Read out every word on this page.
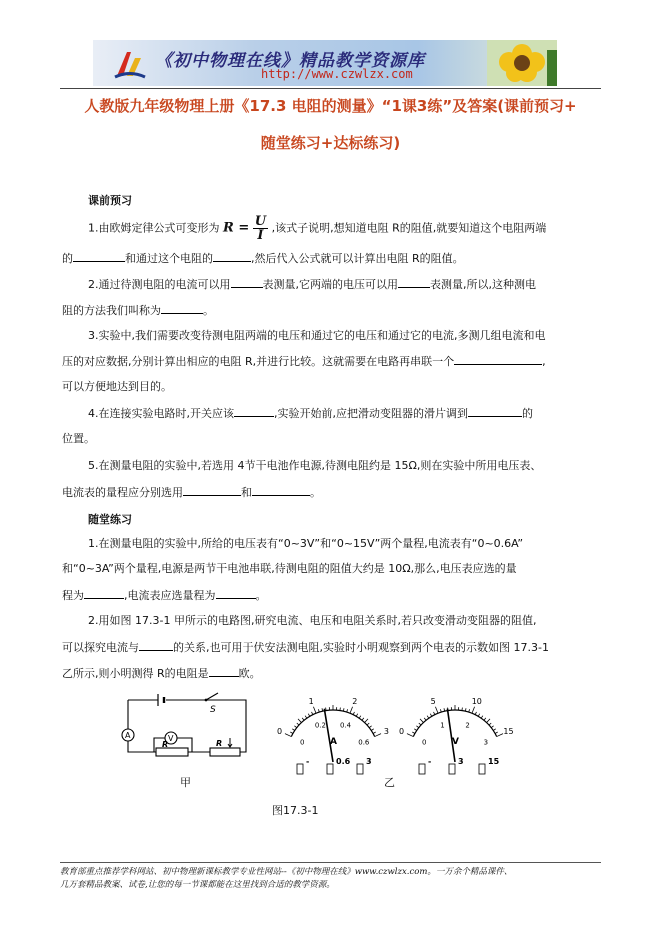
《初中物理在线》精品教学资源库
http://www.czwlzx.com
人教版九年级物理上册《17.3 电阻的测量》“1课3练”及答案(课前预习+
随堂练习+达标练习)
课前预习
1.由欧姆定律公式可变形为 $R = \frac{U}{I}$ ,该式子说明,想知道电阻 R的阻值,就要知道这个电阻两端
的	和通过这个电阻的	,然后代入公式就可以计算出电阻 R的阻值。
2.通过待测电阻的电流可以用	表测量,它两端的电压可以用	表测量,所以,这种测电
阻的方法我们叫称为	。
3.实验中,我们需要改变待测电阻两端的电压和通过它的电压和通过它的电流,多测几组电流和电
压的对应数据,分别计算出相应的电阻 R,并进行比较。这就需要在电路再串联一个	,
可以方便地达到目的。
4.在连接实验电路时,开关应该	,实验开始前,应把滑动变阻器的滑片调到	的
位置。
5.在测量电阻的实验中,若选用 4节干电池作电源,待测电阻约是 15Ω,则在实验中所用电压表、
电流表的量程应分别选用	和	。
随堂练习
1.在测量电阻的实验中,所给的电压表有“0~3V”和“0~15V”两个量程,电流表有“0~0.6A”
和“0~3A”两个量程,电源是两节干电池串联,待测电阻的阻值大约是 10Ω,那么,电压表应选的量
程为	,电流表应选量程为	。
2.用如图 17.3-1 甲所示的电路图,研究电流、电压和电阻关系时,若只改变滑动变阻器的阻值,
可以探究电流与	的关系,也可用于伏安法测电阻,实验时小明观察到两个电表的示数如图 17.3-1
乙所示,则小明测得 R的电阻是	欧。
S
A	V
R	R
甲
0
1	2
3
0
0.2 0.4
0.6
A
-	0.6 3
0
5	10
15
0
1	2
3
V
-	3	15
乙
图17.3-1
教育部重点推荐学科网站、初中物理新课标教学专业性网站--《初中物理在线》www.czwlzx.com。一万余个精品课件、
几万套精品教案、试卷,让您的每一节课都能在这里找到合适的教学资源。
